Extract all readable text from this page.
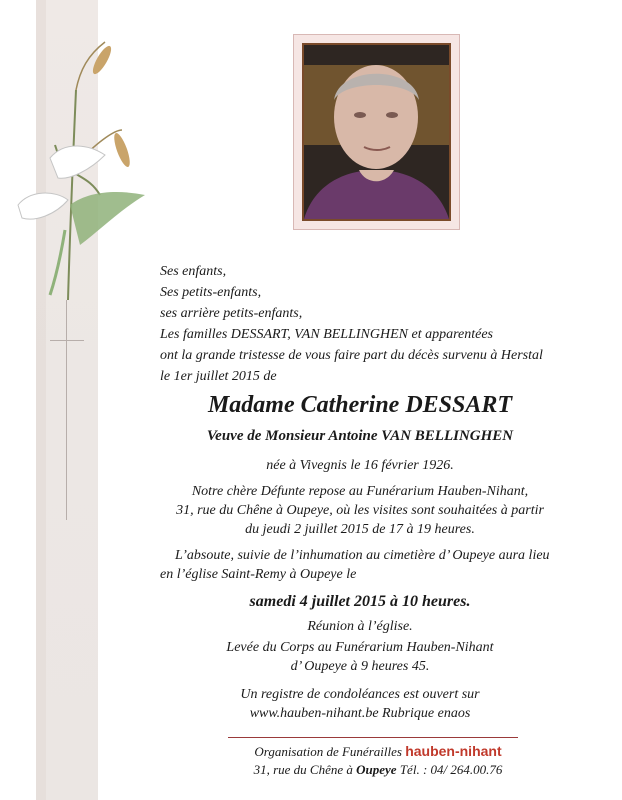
Ses enfants,
Ses petits-enfants,
ses arrière petits-enfants,
Les familles DESSART, VAN BELLINGHEN et apparentées
ont la grande tristesse de vous faire part du décès survenu à Herstal
le 1er juillet 2015 de
Madame Catherine DESSART
Veuve de Monsieur Antoine VAN BELLINGHEN
née à Vivegnis le 16 février 1926.
Notre chère Défunte repose au Funérarium Hauben-Nihant,
31, rue du Chêne à Oupeye, où les visites sont souhaitées à partir
du jeudi 2 juillet 2015 de 17 à 19 heures.
L’absoute, suivie de l’inhumation au cimetière d’ Oupeye aura lieu
en l’église Saint-Remy à Oupeye le
samedi 4 juillet 2015 à 10 heures.
Réunion à l’église.
Levée du Corps au Funérarium Hauben-Nihant
d’ Oupeye à 9 heures 45.
Un registre de condoléances est ouvert sur
www.hauben-nihant.be Rubrique enaos
Organisation de Funérailles hauben-nihant
31, rue du Chêne à Oupeye Tél. : 04/ 264.00.76
